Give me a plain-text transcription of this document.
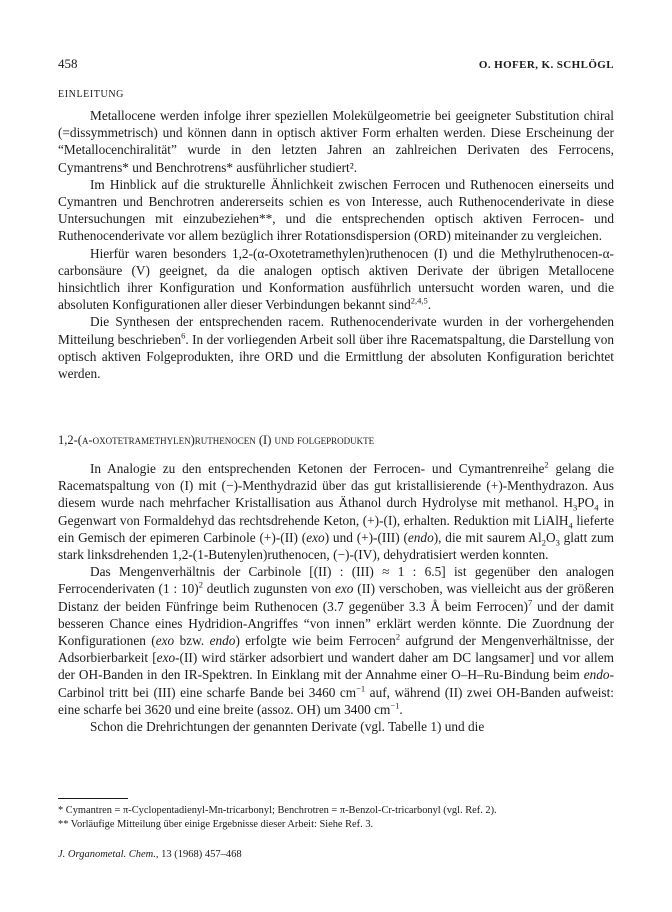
458	O. HOFER, K. SCHLÖGL
EINLEITUNG

Metallocene werden infolge ihrer speziellen Molekülgeometrie bei geeigneter Substitution chiral (=dissymmetrisch) und können dann in optisch aktiver Form erhalten werden. Diese Erscheinung der “Metallocenchiralität” wurde in den letzten Jahren an zahlreichen Derivaten des Ferrocens, Cymantrens* und Benchrotrens* ausführlicher studiert².

Im Hinblick auf die strukturelle Ähnlichkeit zwischen Ferrocen und Ruthenocen einerseits und Cymantren und Benchrotren andererseits schien es von Interesse, auch Ruthenocenderivate in diese Untersuchungen mit einzubeziehen**, und die entsprechenden optisch aktiven Ferrocen- und Ruthenocenderivate vor allem bezüglich ihrer Rotationsdispersion (ORD) miteinander zu vergleichen.

Hierfür waren besonders 1,2-(α-Oxotetramethylen)ruthenocen (I) und die Methylruthenocen-α-carbonsäure (V) geeignet, da die analogen optisch aktiven Derivate der übrigen Metallocene hinsichtlich ihrer Konfiguration und Konformation ausführlich untersucht worden waren, und die absoluten Konfigurationen aller dieser Verbindungen bekannt sind$^{2,4,5}$.

Die Synthesen der entsprechenden racem. Ruthenocenderivate wurden in der vorhergehenden Mitteilung beschrieben$^6$. In der vorliegenden Arbeit soll über ihre Racematspaltung, die Darstellung von optisch aktiven Folgeprodukten, ihre ORD und die Ermittlung der absoluten Konfiguration berichtet werden.

1,2-(α-oxotetramethylen)ruthenocen (I) und folgeprodukte

In Analogie zu den entsprechenden Ketonen der Ferrocen- und Cymantrenreihe$^2$ gelang die Racematspaltung von (I) mit (−)-Menthydrazid über das gut kristallisierende (+)-Menthydrazon. Aus diesem wurde nach mehrfacher Kristallisation aus Äthanol durch Hydrolyse mit methanol. $H_3PO_4$ in Gegenwart von Formaldehyd das rechtsdrehende Keton, (+)-(I), erhalten. Reduktion mit LiAlH$_4$ lieferte ein Gemisch der epimeren Carbinole (+)-(II) (exo) und (+)-(III) (endo), die mit saurem $Al_2O_3$ glatt zum stark linksdrehenden 1,2-(1-Butenylen)ruthenocen, (−)-(IV), dehydratisiert werden konnten.

Das Mengenverhältnis der Carbinole [(II) : (III) ≈ 1 : 6.5] ist gegenüber den analogen Ferrocenderivaten (1 : 10)$^2$ deutlich zugunsten von exo (II) verschoben, was vielleicht aus der größeren Distanz der beiden Fünfringe beim Ruthenocen (3.7 gegenüber 3.3 Å beim Ferrocen)$^7$ und der damit besseren Chance eines Hydridion-Angriffes “von innen” erklärt werden könnte. Die Zuordnung der Konfigurationen (exo bzw. endo) erfolgte wie beim Ferrocen$^2$ aufgrund der Mengenverhältnisse, der Adsorbierbarkeit [exo-(II) wird stärker adsorbiert und wandert daher am DC langsamer] und vor allem der OH-Banden in den IR-Spektren. In Einklang mit der Annahme einer O–H–Ru-Bindung beim endo-Carbinol tritt bei (III) eine scharfe Bande bei 3460 $cm^{-1}$ auf, während (II) zwei OH-Banden aufweist: eine scharfe bei 3620 und eine breite (assoz. OH) um 3400 $cm^{-1}$.

Schon die Drehrichtungen der genannten Derivate (vgl. Tabelle 1) und die

* Cymantren = π-Cyclopentadienyl-Mn-tricarbonyl; Benchrotren = π-Benzol-Cr-tricarbonyl (vgl. Ref. 2).
** Vorläufige Mitteilung über einige Ergebnisse dieser Arbeit: Siehe Ref. 3.
J. Organometal. Chem., 13 (1968) 457–468
